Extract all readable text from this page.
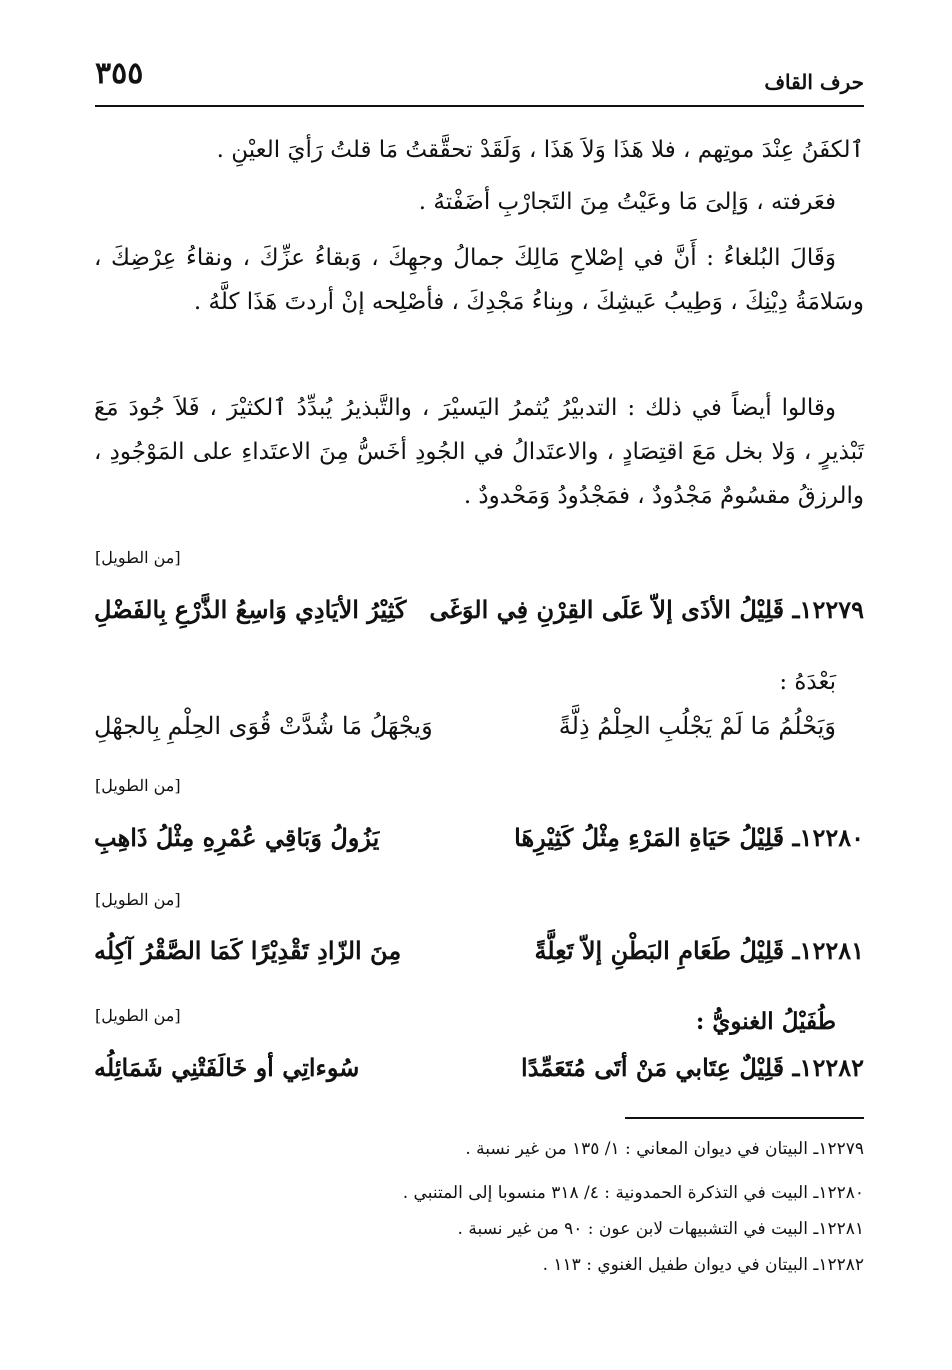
٣٥٥	حرف القاف
ٱلكفَنُ عِنْدَ موتِهم ، فلا هَذَا وَلاَ هَذَا ، وَلَقَدْ تحقَّقتُ مَا قلتُ رَأيَ العيْنِ .
فعَرفته ، وَإلىَ مَا وعَيْتُ مِنَ التَجارْبِ أضَفْتهُ .
وَقَالَ البُلغاءُ : أَنَّ في إصْلاحِ مَالِكَ جمالُ وجهِكَ ، وَبقاءُ عزِّكَ ، ونقاءُ عِرْضِكَ ، وسَلامَةُ دِيْنِكَ ، وَطِيبُ عَيشِكَ ، وبِناءُ مَجْدِكَ ، فأصْلِحه إنْ أردتَ هَذَا كلَّهُ .
وقالوا أيضاً في ذلك : التدبيْرُ يُثمرُ اليَسيْرَ ، والتَّبذيرُ يُبدِّدُ ٱلكثيْرَ ، فَلاَ جُودَ مَعَ تَبْذيرٍ ، وَلا بخل مَعَ اقتِصَادٍ ، والاعتَدالُ في الجُودِ أخَسُّ مِنَ الاعتَداءِ على المَوْجُودِ ، والرزقُ مقسُومٌ مَجْدُودٌ ، فمَجْدُودُ وَمَحْدودٌ .
[من الطويل]
١٢٢٧٩ـ قَلِيْلُ الأذَى إلاّ عَلَى القِرْنِ فِي الوَغَى
كَثِيْرُ الأيَادِي وَاسِعُ الذَّرْعِ بِالفَضْلِ
بَعْدَهُ :
وَيَحْلُمُ مَا لَمْ يَجْلُبِ الحِلْمُ ذِلَّةً
وَيجْهَلُ مَا شُدَّتْ قُوَى الحِلْمِ بِالجهْلِ
[من الطويل]
١٢٢٨٠ـ قَلِيْلُ حَيَاةِ المَرْءِ مِثْلُ كَثِيْرِهَا
يَزُولُ وَبَاقِي عُمْرِهِ مِثْلُ ذَاهِبِ
[من الطويل]
١٢٢٨١ـ قَلِيْلُ طَعَامِ البَطْنِ إلاّ تَعِلَّةً
مِنَ الزّادِ تَقْدِيْرًا كَمَا الصَّقْرُ آكِلُه
طُفَيْلُ الغنويُّ :
[من الطويل]
١٢٢٨٢ـ قَلِيْلٌ عِتَابي مَنْ أتَى مُتَعَمِّدًا
سُوءاتِي أو خَالَفَتْنِي شَمَائِلُه
١٢٢٧٩ـ البيتان في ديوان المعاني : ١/ ١٣٥ من غير نسبة .
١٢٢٨٠ـ البيت في التذكرة الحمدونية : ٤/ ٣١٨ منسوبا إلى المتنبي .
١٢٢٨١ـ البيت في التشبيهات لابن عون : ٩٠ من غير نسبة .
١٢٢٨٢ـ البيتان في ديوان طفيل الغنوي : ١١٣ .
